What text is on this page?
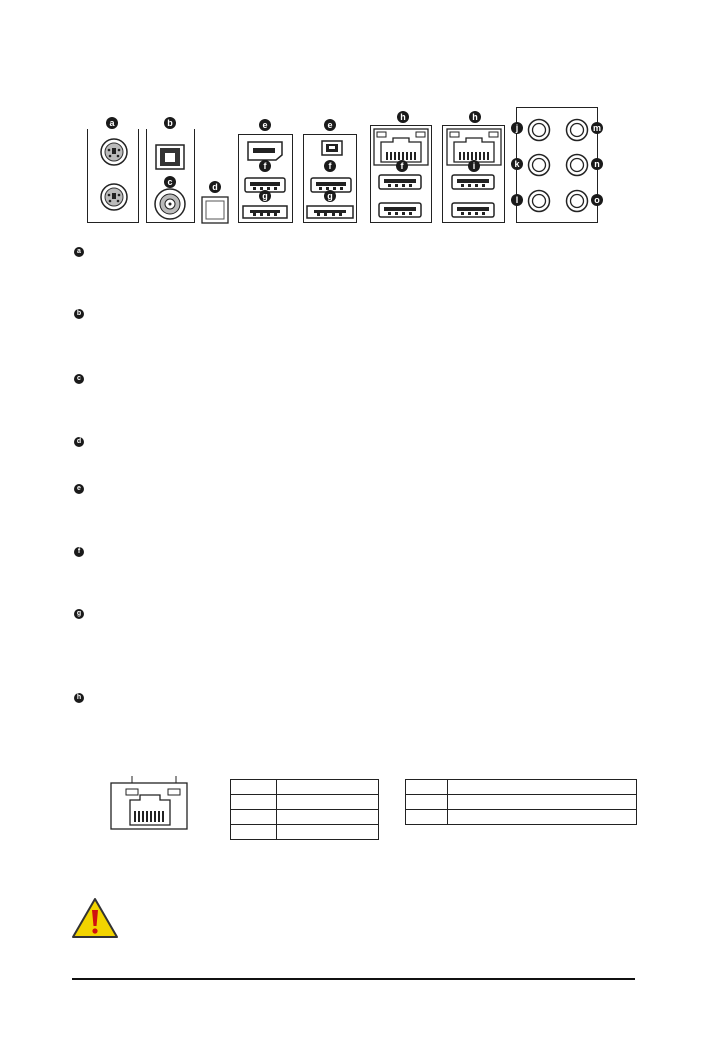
a	b
c	d
e
f
g
e
f
g
h
f
h
i
j
k
l
m
n
o
a
b
c
d
e
f
g
h
